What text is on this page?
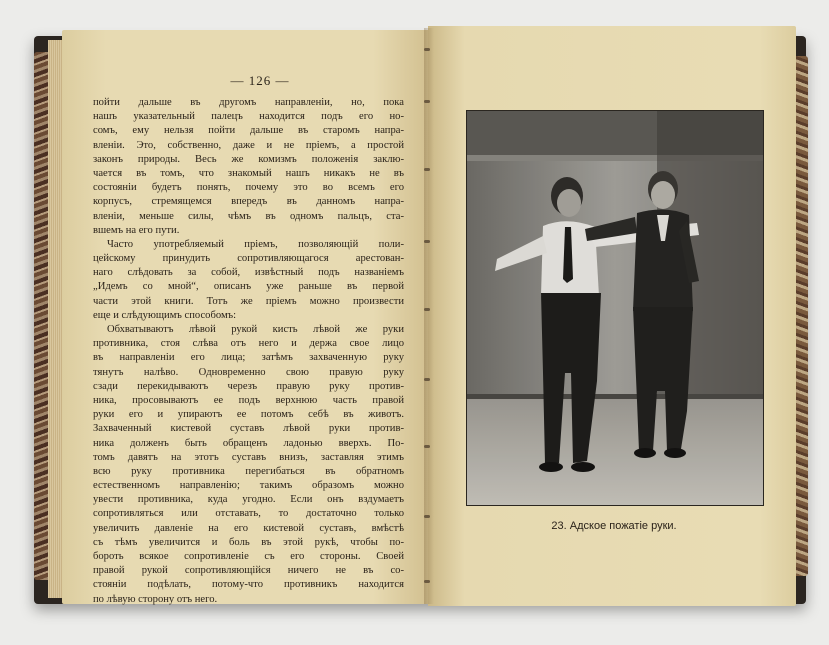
— 126 —
пойти дальше въ другомъ направленіи, но, пока
нашъ указательный палецъ находится подъ его но-
сомъ, ему нельзя пойти дальше въ старомъ напра-
вленіи. Это, собственно, даже и не пріемъ, а простой
законъ природы. Весь же комизмъ положенія заклю-
чается въ томъ, что знакомый нашъ никакъ не въ
состояніи будетъ понять, почему это во всемъ его
корпусъ, стремящемся впередъ въ данномъ напра-
вленіи, меньше силы, чѣмъ въ одномъ пальцъ, ста-
вшемъ на его пути.
Часто употребляемый пріемъ, позволяющій поли-
цейскому принудить сопротивляющагося арестован-
наго слѣдовать за собой, извѣстный подъ названіемъ
„Идемъ со мной“, описанъ уже раньше въ первой
части этой книги. Тотъ же пріемъ можно произвести
еще и слѣдующимъ способомъ:
Обхватываютъ лѣвой рукой кисть лѣвой же руки
противника, стоя слѣва отъ него и держа свое лицо
въ направленіи его лица; затѣмъ захваченную руку
тянутъ налѣво. Одновременно свою правую руку
сзади перекидываютъ черезъ правую руку против-
ника, просовываютъ ее подъ верхнюю часть правой
руки его и упираютъ ее потомъ себѣ въ животъ.
Захваченный кистевой суставъ лѣвой руки против-
ника долженъ быть обращенъ ладонью вверхъ. По-
томъ давятъ на этотъ суставъ внизъ, заставляя этимъ
всю руку противника перегибаться въ обратномъ
естественномъ направленію; такимъ образомъ можно
увести противника, куда угодно. Если онъ вздумаетъ
сопротивляться или отставать, то достаточно только
увеличить давленіе на его кистевой суставъ, вмѣстѣ
съ тѣмъ увеличится и боль въ этой рукѣ, чтобы по-
бороть всякое сопротивленіе съ его стороны. Своей
правой рукой сопротивляющійся ничего не въ со-
стояніи подѣлать, потому-что противникъ находится
по лѣвую сторону отъ него.
23. Адское пожатіе руки.
